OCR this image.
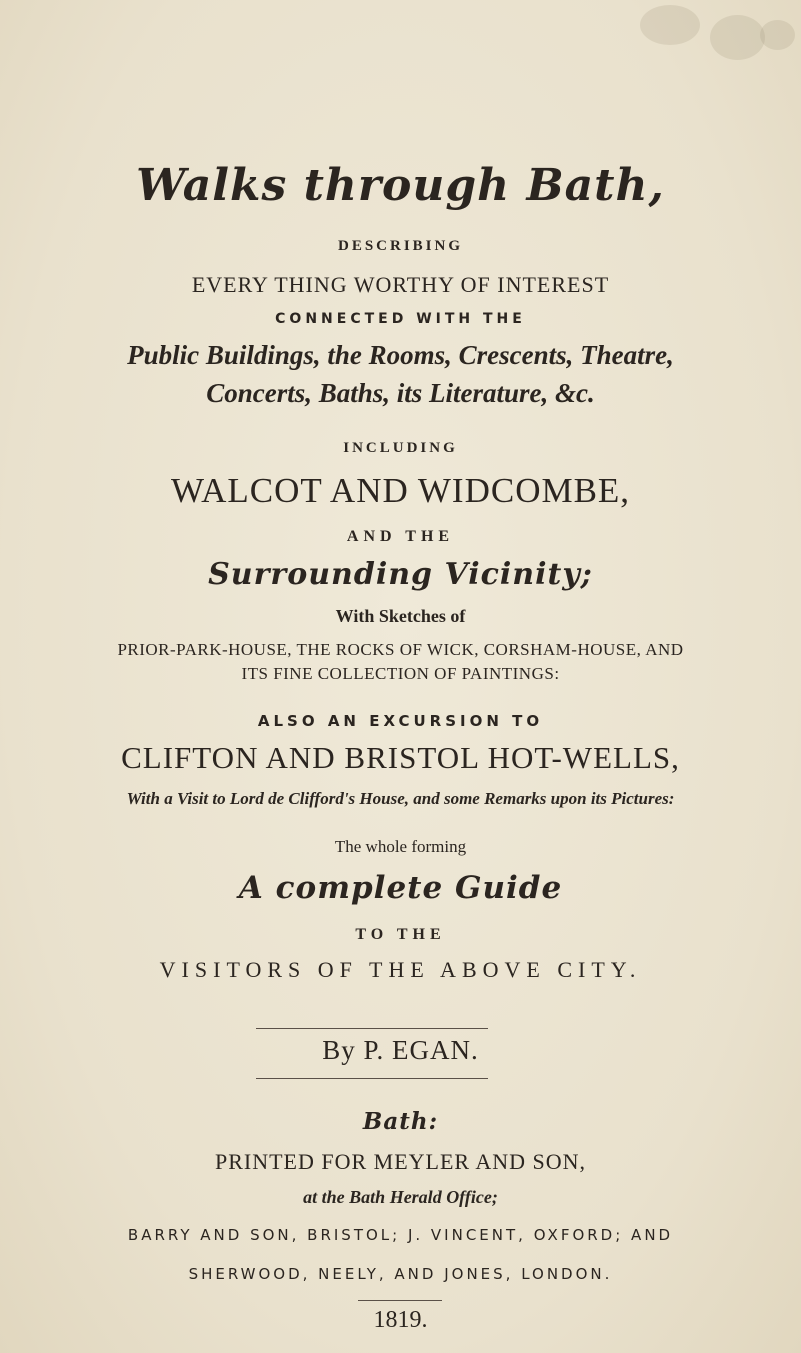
Walks through Bath,
DESCRIBING
EVERY THING WORTHY OF INTEREST
CONNECTED WITH THE
Public Buildings, the Rooms, Crescents, Theatre,
Concerts, Baths, its Literature, &c.
INCLUDING
WALCOT AND WIDCOMBE,
AND THE
Surrounding Vicinity;
With Sketches of
PRIOR-PARK-HOUSE, THE ROCKS OF WICK, CORSHAM-HOUSE, AND
ITS FINE COLLECTION OF PAINTINGS:
ALSO AN EXCURSION TO
CLIFTON AND BRISTOL HOT-WELLS,
With a Visit to Lord de Clifford's House, and some Remarks upon its Pictures:
The whole forming
A complete Guide
TO THE
VISITORS OF THE ABOVE CITY.
By P. EGAN.
Bath:
PRINTED FOR MEYLER AND SON,
at the Bath Herald Office;
BARRY AND SON, BRISTOL; J. VINCENT, OXFORD; AND
SHERWOOD, NEELY, AND JONES, LONDON.
1819.
